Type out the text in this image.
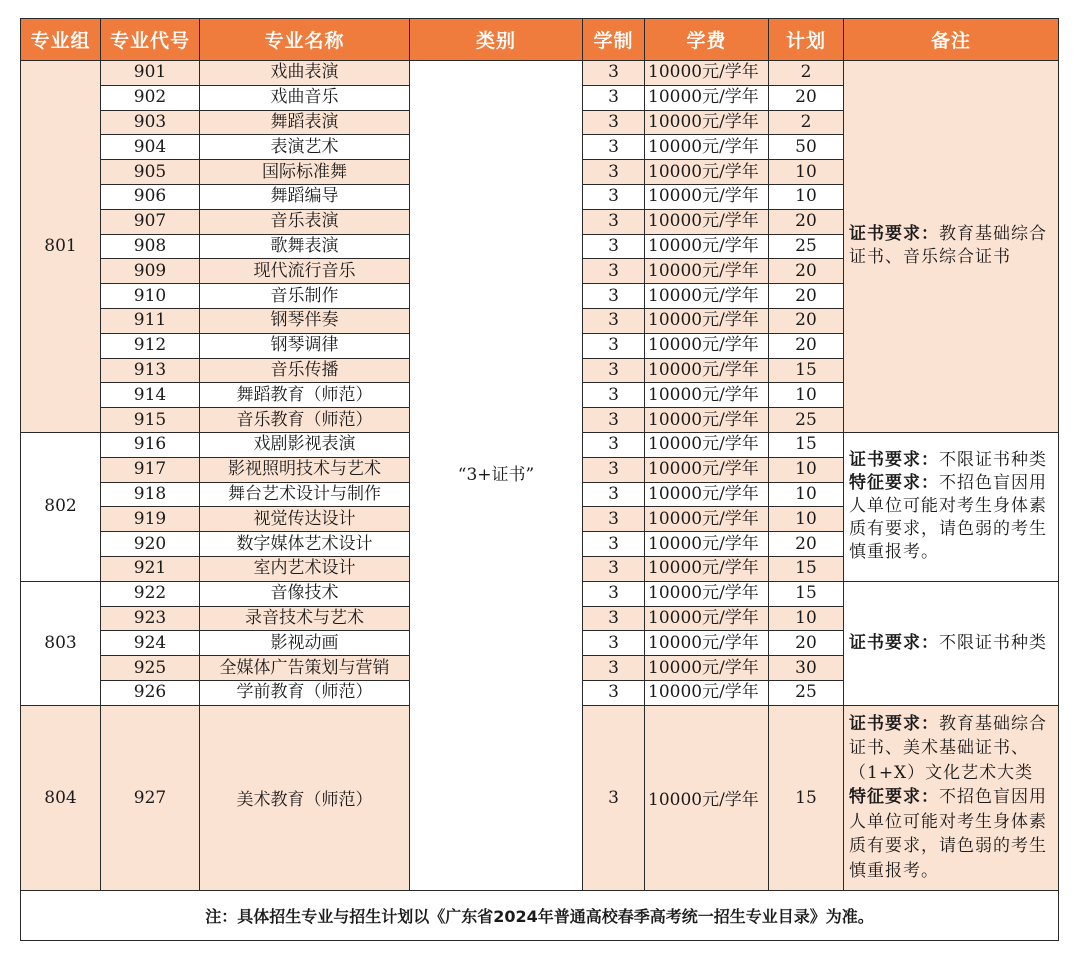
专业组	专业代号	专业名称	类别	学制	学费	计划	备注
801	901	戏曲表演	“3+证书”	3	10000元/学年	2	证书要求：教育基础综合证书、音乐综合证书

	902	戏曲音乐		3	10000元/学年	20	
	903	舞蹈表演		3	10000元/学年	2	
	904	表演艺术		3	10000元/学年	50	
	905	国际标准舞		3	10000元/学年	10	
	906	舞蹈编导		3	10000元/学年	10	
	907	音乐表演		3	10000元/学年	20	
	908	歌舞表演		3	10000元/学年	25	
	909	现代流行音乐		3	10000元/学年	20	
	910	音乐制作		3	10000元/学年	20	
	911	钢琴伴奏		3	10000元/学年	20	
	912	钢琴调律		3	10000元/学年	20	
	913	音乐传播		3	10000元/学年	15	
	914	舞蹈教育（师范）		3	10000元/学年	10	
	915	音乐教育（师范）		3	10000元/学年	25	
802	916	戏剧影视表演		3	10000元/学年	15	证书要求：不限证书种类
特征要求：不招色盲因用人单位可能对考生身体素质有要求，请色弱的考生慎重报考。

	917	影视照明技术与艺术		3	10000元/学年	10	
	918	舞台艺术设计与制作		3	10000元/学年	10	
	919	视觉传达设计		3	10000元/学年	10	
	920	数字媒体艺术设计		3	10000元/学年	20	
	921	室内艺术设计		3	10000元/学年	15	
803	922	音像技术		3	10000元/学年	15	证书要求：不限证书种类

	923	录音技术与艺术		3	10000元/学年	10	
	924	影视动画		3	10000元/学年	20	
	925	全媒体广告策划与营销		3	10000元/学年	30	
	926	学前教育（师范）		3	10000元/学年	25	
804	927	美术教育（师范）		3	10000元/学年	15	证书要求：教育基础综合证书、美术基础证书、（1+X）文化艺术大类
特征要求：不招色盲因用人单位可能对考生身体素质有要求，请色弱的考生慎重报考。

注：具体招生专业与招生计划以《广东省2024年普通高校春季高考统一招生专业目录》为准。							
